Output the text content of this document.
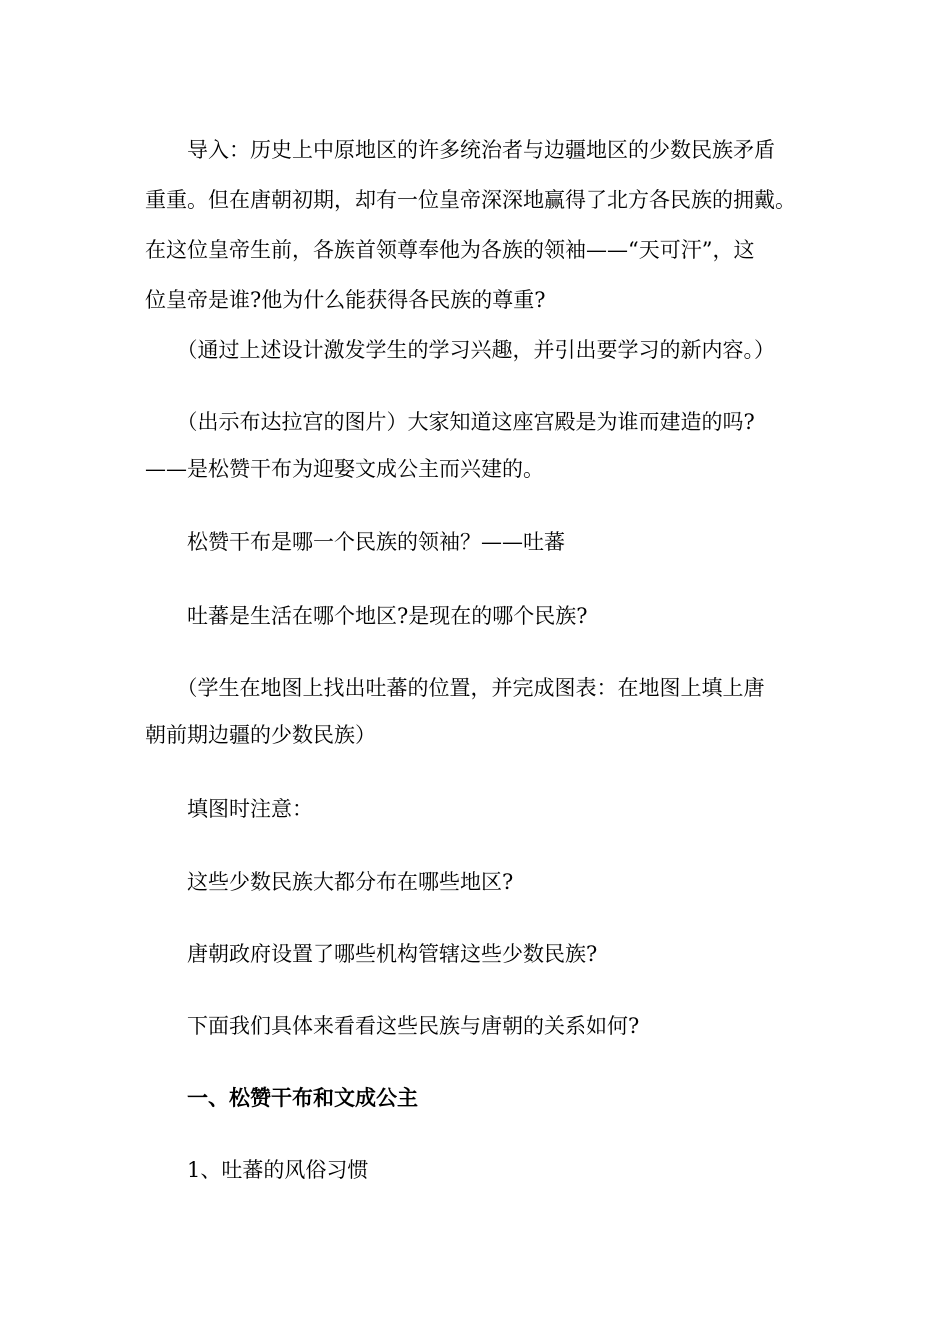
　　导入：历史上中原地区的许多统治者与边疆地区的少数民族矛盾
重重。但在唐朝初期，却有一位皇帝深深地赢得了北方各民族的拥戴。
在这位皇帝生前，各族首领尊奉他为各族的领袖——“天可汗”，这
位皇帝是谁?他为什么能获得各民族的尊重?
　　（通过上述设计激发学生的学习兴趣，并引出要学习的新内容。）
　　（出示布达拉宫的图片）大家知道这座宫殿是为谁而建造的吗?
——是松赞干布为迎娶文成公主而兴建的。
　　松赞干布是哪一个民族的领袖？——吐蕃
　　吐蕃是生活在哪个地区?是现在的哪个民族?
　　（学生在地图上找出吐蕃的位置，并完成图表：在地图上填上唐
朝前期边疆的少数民族）
　　填图时注意：
　　这些少数民族大都分布在哪些地区?
　　唐朝政府设置了哪些机构管辖这些少数民族?
　　下面我们具体来看看这些民族与唐朝的关系如何?
　　一、松赞干布和文成公主
　　1、吐蕃的风俗习惯
